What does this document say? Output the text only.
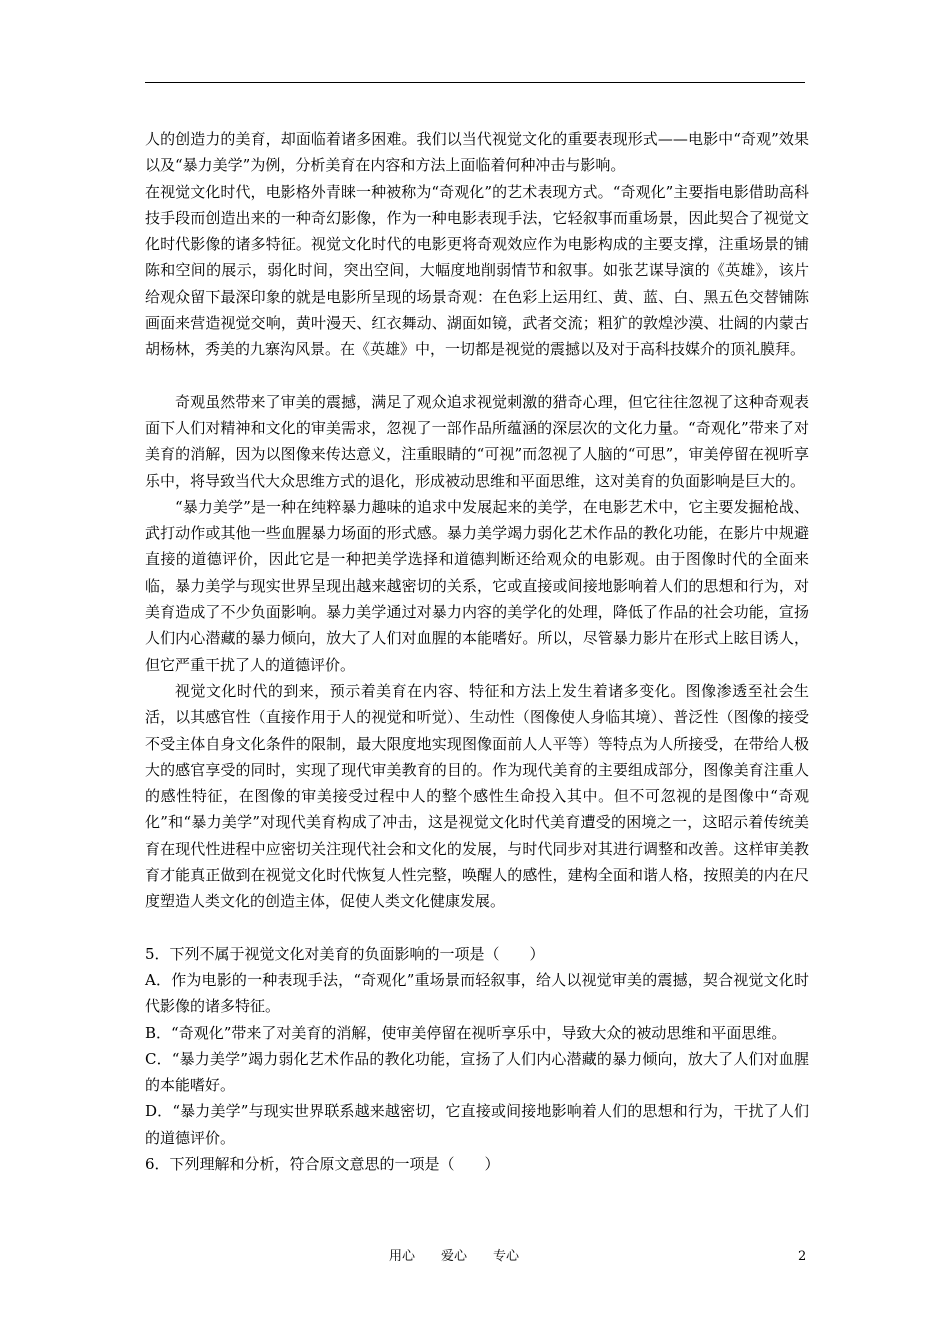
人的创造力的美育，却面临着诸多困难。我们以当代视觉文化的重要表现形式——电影中“奇观”效果以及“暴力美学”为例，分析美育在内容和方法上面临着何种冲击与影响。

在视觉文化时代，电影格外青睐一种被称为“奇观化”的艺术表现方式。“奇观化”主要指电影借助高科技手段而创造出来的一种奇幻影像，作为一种电影表现手法，它轻叙事而重场景，因此契合了视觉文化时代影像的诸多特征。视觉文化时代的电影更将奇观效应作为电影构成的主要支撑，注重场景的铺陈和空间的展示，弱化时间，突出空间，大幅度地削弱情节和叙事。如张艺谋导演的《英雄》，该片给观众留下最深印象的就是电影所呈现的场景奇观：在色彩上运用红、黄、蓝、白、黑五色交替铺陈画面来营造视觉交响，黄叶漫天、红衣舞动、湖面如镜，武者交流；粗犷的敦煌沙漠、壮阔的内蒙古胡杨林，秀美的九寨沟风景。在《英雄》中，一切都是视觉的震撼以及对于高科技媒介的顶礼膜拜。

奇观虽然带来了审美的震撼，满足了观众追求视觉刺激的猎奇心理，但它往往忽视了这种奇观表面下人们对精神和文化的审美需求，忽视了一部作品所蕴涵的深层次的文化力量。“奇观化”带来了对美育的消解，因为以图像来传达意义，注重眼睛的“可视”而忽视了人脑的“可思”，审美停留在视听享乐中，将导致当代大众思维方式的退化，形成被动思维和平面思维，这对美育的负面影响是巨大的。

“暴力美学”是一种在纯粹暴力趣味的追求中发展起来的美学，在电影艺术中，它主要发掘枪战、武打动作或其他一些血腥暴力场面的形式感。暴力美学竭力弱化艺术作品的教化功能，在影片中规避直接的道德评价，因此它是一种把美学选择和道德判断还给观众的电影观。由于图像时代的全面来临，暴力美学与现实世界呈现出越来越密切的关系，它或直接或间接地影响着人们的思想和行为，对美育造成了不少负面影响。暴力美学通过对暴力内容的美学化的处理，降低了作品的社会功能，宣扬人们内心潜藏的暴力倾向，放大了人们对血腥的本能嗜好。所以，尽管暴力影片在形式上眩目诱人，但它严重干扰了人的道德评价。

视觉文化时代的到来，预示着美育在内容、特征和方法上发生着诸多变化。图像渗透至社会生活，以其感官性（直接作用于人的视觉和听觉）、生动性（图像使人身临其境）、普泛性（图像的接受不受主体自身文化条件的限制，最大限度地实现图像面前人人平等）等特点为人所接受，在带给人极大的感官享受的同时，实现了现代审美教育的目的。作为现代美育的主要组成部分，图像美育注重人的感性特征，在图像的审美接受过程中人的整个感性生命投入其中。但不可忽视的是图像中“奇观化”和“暴力美学”对现代美育构成了冲击，这是视觉文化时代美育遭受的困境之一，这昭示着传统美育在现代性进程中应密切关注现代社会和文化的发展，与时代同步对其进行调整和改善。这样审美教育才能真正做到在视觉文化时代恢复人性完整，唤醒人的感性，建构全面和谐人格，按照美的内在尺度塑造人类文化的创造主体，促使人类文化健康发展。

5．下列不属于视觉文化对美育的负面影响的一项是（　　）

A．作为电影的一种表现手法，“奇观化”重场景而轻叙事，给人以视觉审美的震撼，契合视觉文化时代影像的诸多特征。

B．“奇观化”带来了对美育的消解，使审美停留在视听享乐中，导致大众的被动思维和平面思维。

C．“暴力美学”竭力弱化艺术作品的教化功能，宣扬了人们内心潜藏的暴力倾向，放大了人们对血腥的本能嗜好。

D．“暴力美学”与现实世界联系越来越密切，它直接或间接地影响着人们的思想和行为，干扰了人们的道德评价。

6．下列理解和分析，符合原文意思的一项是（　　）

用心　　爱心　　专心	2
